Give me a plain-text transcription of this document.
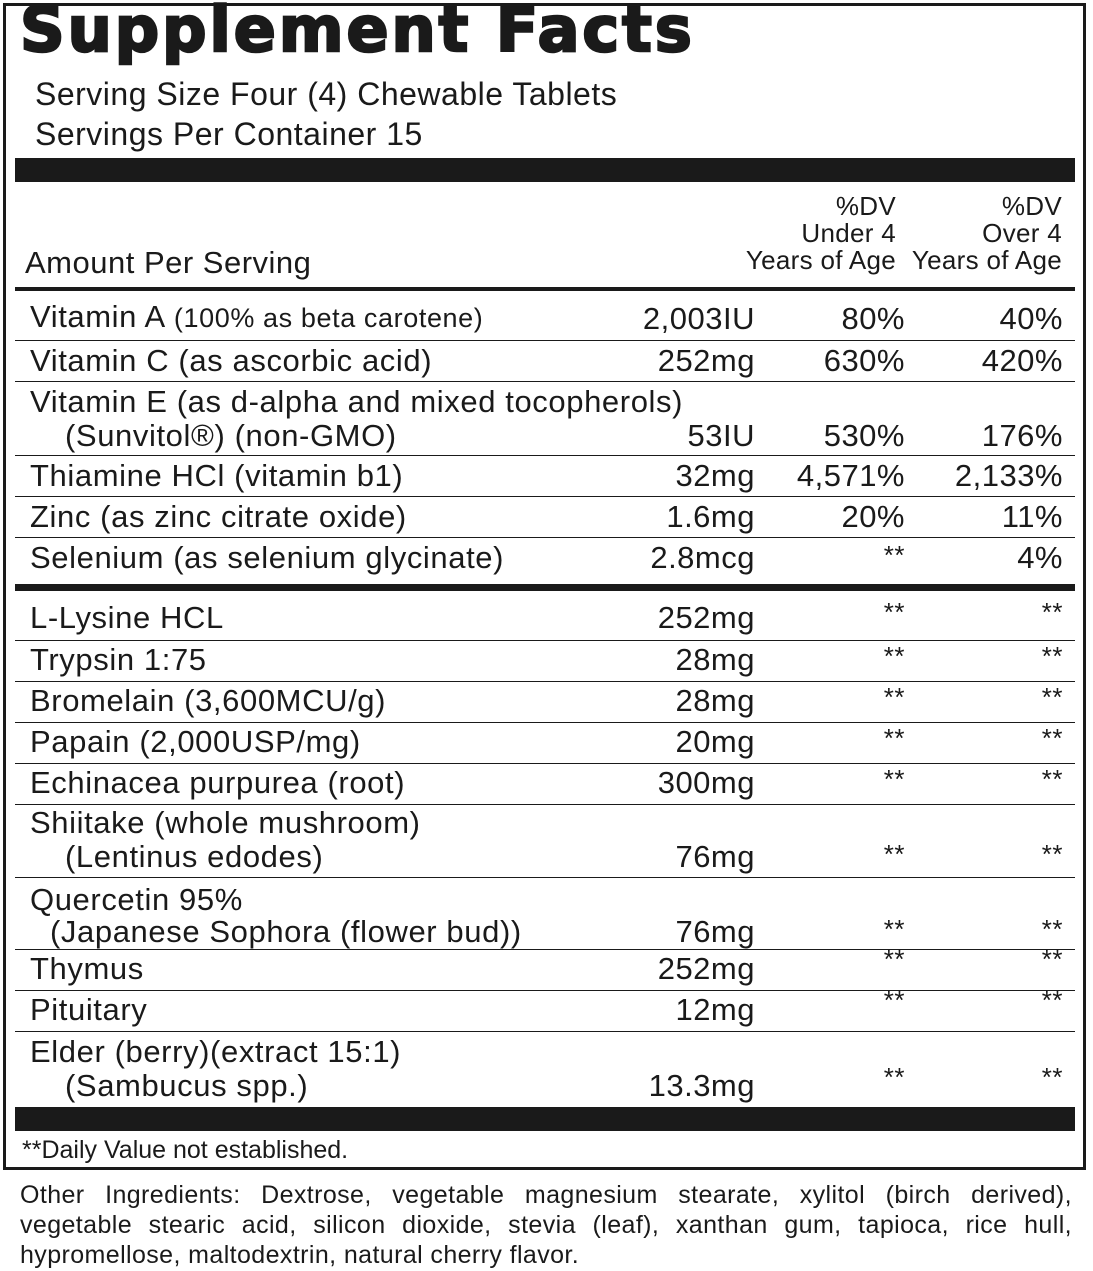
Supplement Facts
Serving Size Four (4) Chewable Tablets
Servings Per Container 15
Amount Per Serving
%DV
Under 4
Years of Age
%DV
Over 4
Years of Age
Vitamin A (100% as beta carotene)	2,003IU	80%	40%
Vitamin C (as ascorbic acid)	252mg 630% 420%
Vitamin E (as d-alpha and mixed tocopherols)
(Sunvitol®) (non-GMO)	53IU 530% 176%
Thiamine HCl (vitamin b1)	32mg 4,571% 2,133%
Zinc (as zinc citrate oxide)	1.6mg	20%	11%
Selenium (as selenium glycinate)	2.8mcg	**	4%
L-Lysine HCL	252mg	**	**
Trypsin 1:75	28mg	**	**
Bromelain (3,600MCU/g)	28mg	**	**
Papain (2,000USP/mg)	20mg	**	**
Echinacea purpurea (root)	300mg	**	**
Shiitake (whole mushroom)
(Lentinus edodes)	76mg	**	**
Quercetin 95%
(Japanese Sophora (flower bud))	76mg	**	**
Thymus	252mg	**	**
Pituitary	12mg	**	**
Elder (berry)(extract 15:1)
(Sambucus spp.)	13.3mg	**	**
**Daily Value not established.

Other Ingredients: Dextrose, vegetable magnesium stearate, xylitol (birch derived), vegetable stearic acid, silicon dioxide, stevia (leaf), xanthan gum, tapioca, rice hull, hypromellose, maltodextrin, natural cherry flavor.
